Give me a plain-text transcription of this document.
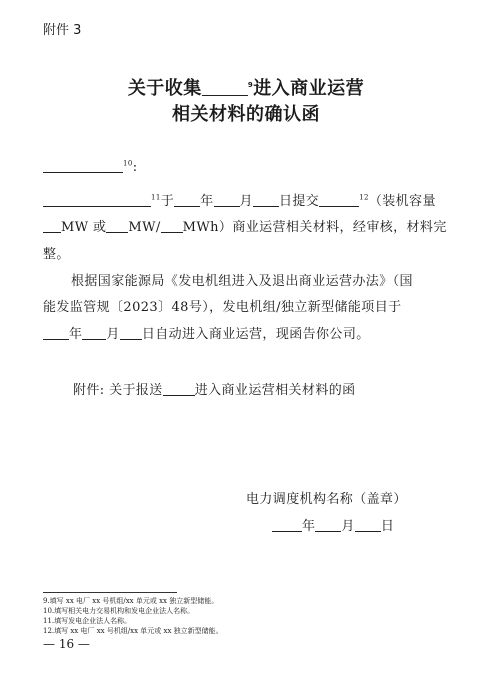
附件 3
关于收集	$^9$进入商业运营
相关材料的确认函
$^{10}$:
$^{11}$于 年 月 日提交	$^{12}$（装机容量
MW 或 MW/ MWh）商业运营相关材料，经审核，材料完
整。
根据国家能源局《发电机组进入及退出商业运营办法》（国
能发监管规〔2023〕48号），发电机组/独立新型储能项目于
年 月 日自动进入商业运营，现函告你公司。
附件: 关于报送 进入商业运营相关材料的函
电力调度机构名称（盖章）
年 月 日
9.填写 xx 电厂 xx 号机组/xx 单元或 xx 独立新型储能。
10.填写相关电力交易机构和发电企业法人名称。
11.填写发电企业法人名称。
12.填写 xx 电厂 xx 号机组/xx 单元或 xx 独立新型储能。
— 16 —
